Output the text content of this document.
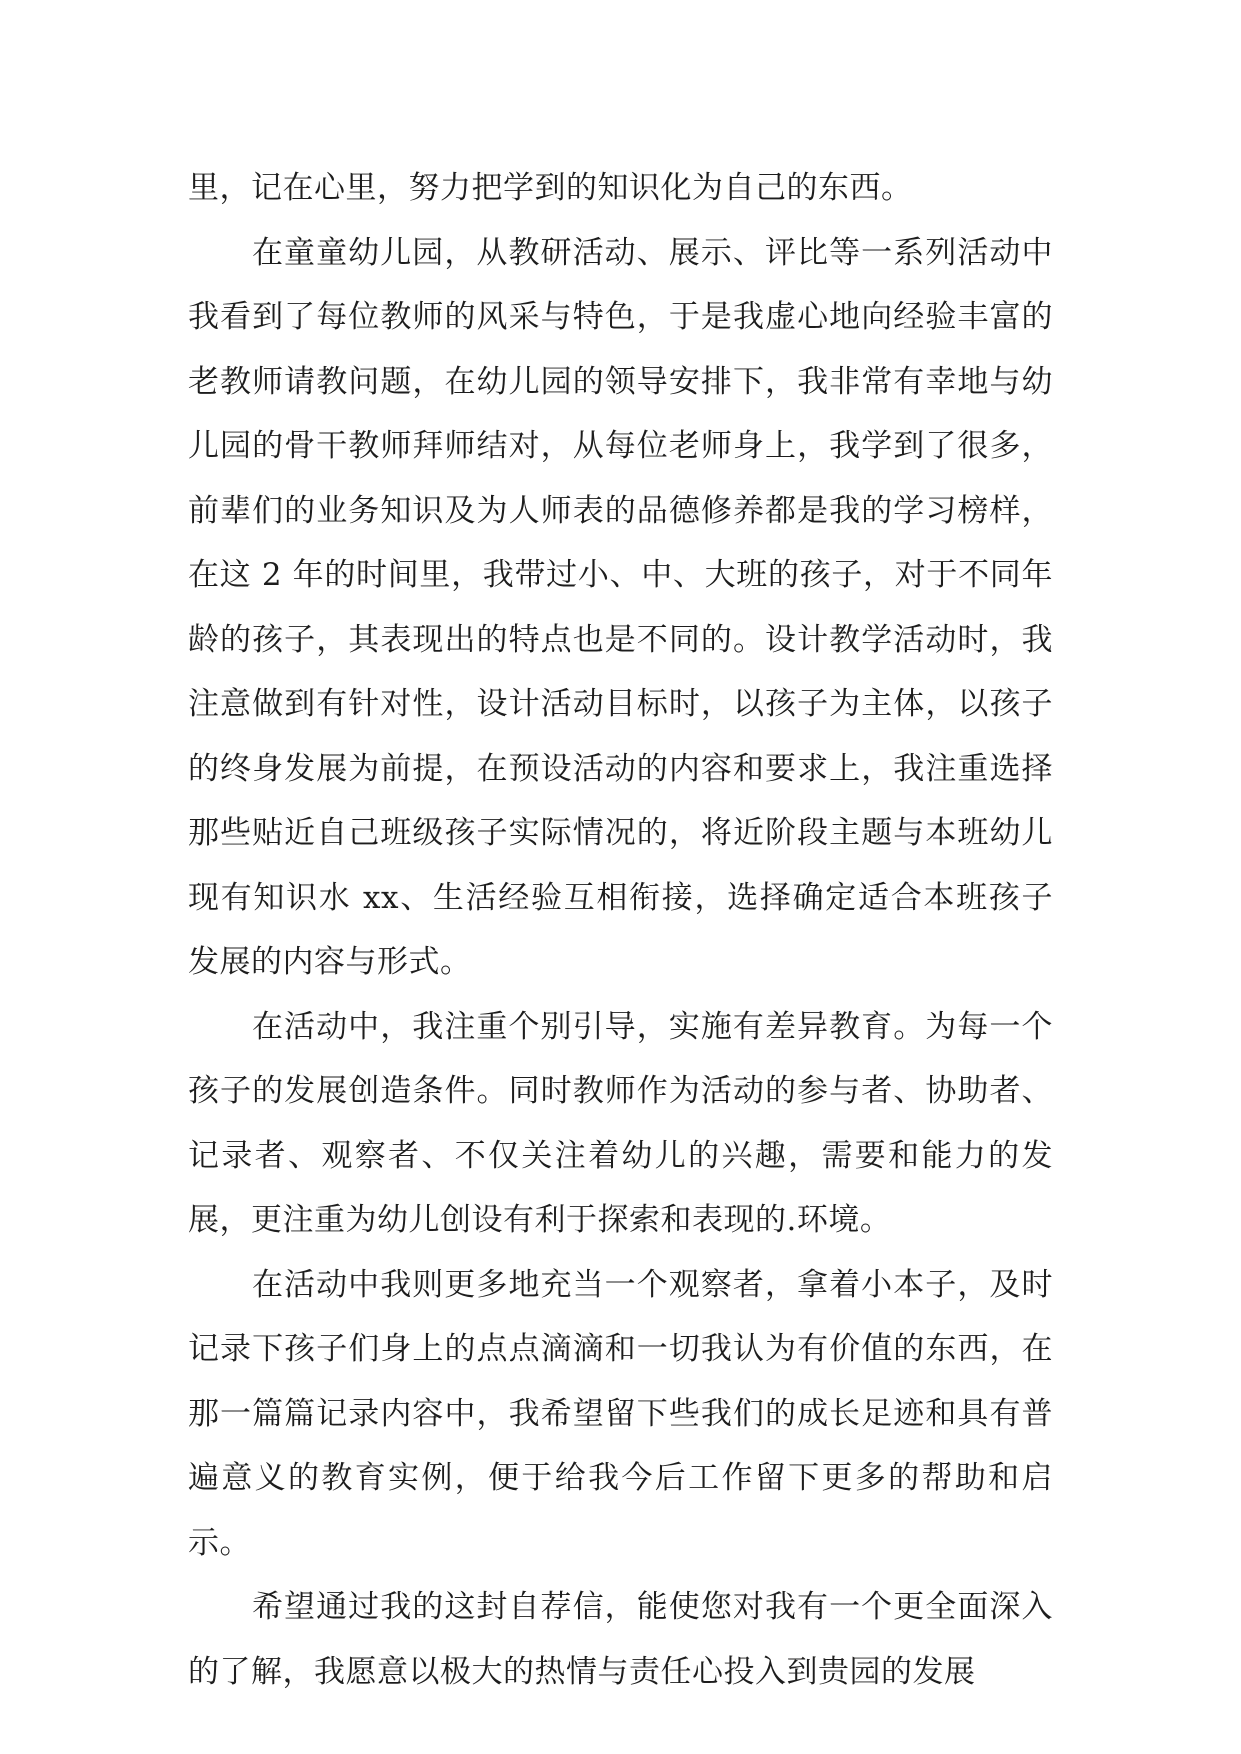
里，记在心里，努力把学到的知识化为自己的东西。

在童童幼儿园，从教研活动、展示、评比等一系列活动中我看到了每位教师的风采与特色，于是我虚心地向经验丰富的老教师请教问题，在幼儿园的领导安排下，我非常有幸地与幼儿园的骨干教师拜师结对，从每位老师身上，我学到了很多，前辈们的业务知识及为人师表的品德修养都是我的学习榜样，在这 2 年的时间里，我带过小、中、大班的孩子，对于不同年龄的孩子，其表现出的特点也是不同的。设计教学活动时，我注意做到有针对性，设计活动目标时，以孩子为主体，以孩子的终身发展为前提，在预设活动的内容和要求上，我注重选择那些贴近自己班级孩子实际情况的，将近阶段主题与本班幼儿现有知识水 xx、生活经验互相衔接，选择确定适合本班孩子发展的内容与形式。

在活动中，我注重个别引导，实施有差异教育。为每一个孩子的发展创造条件。同时教师作为活动的参与者、协助者、记录者、观察者、不仅关注着幼儿的兴趣，需要和能力的发展，更注重为幼儿创设有利于探索和表现的.环境。

在活动中我则更多地充当一个观察者，拿着小本子，及时记录下孩子们身上的点点滴滴和一切我认为有价值的东西，在那一篇篇记录内容中，我希望留下些我们的成长足迹和具有普遍意义的教育实例，便于给我今后工作留下更多的帮助和启示。

希望通过我的这封自荐信，能使您对我有一个更全面深入的了解，我愿意以极大的热情与责任心投入到贵园的发展
